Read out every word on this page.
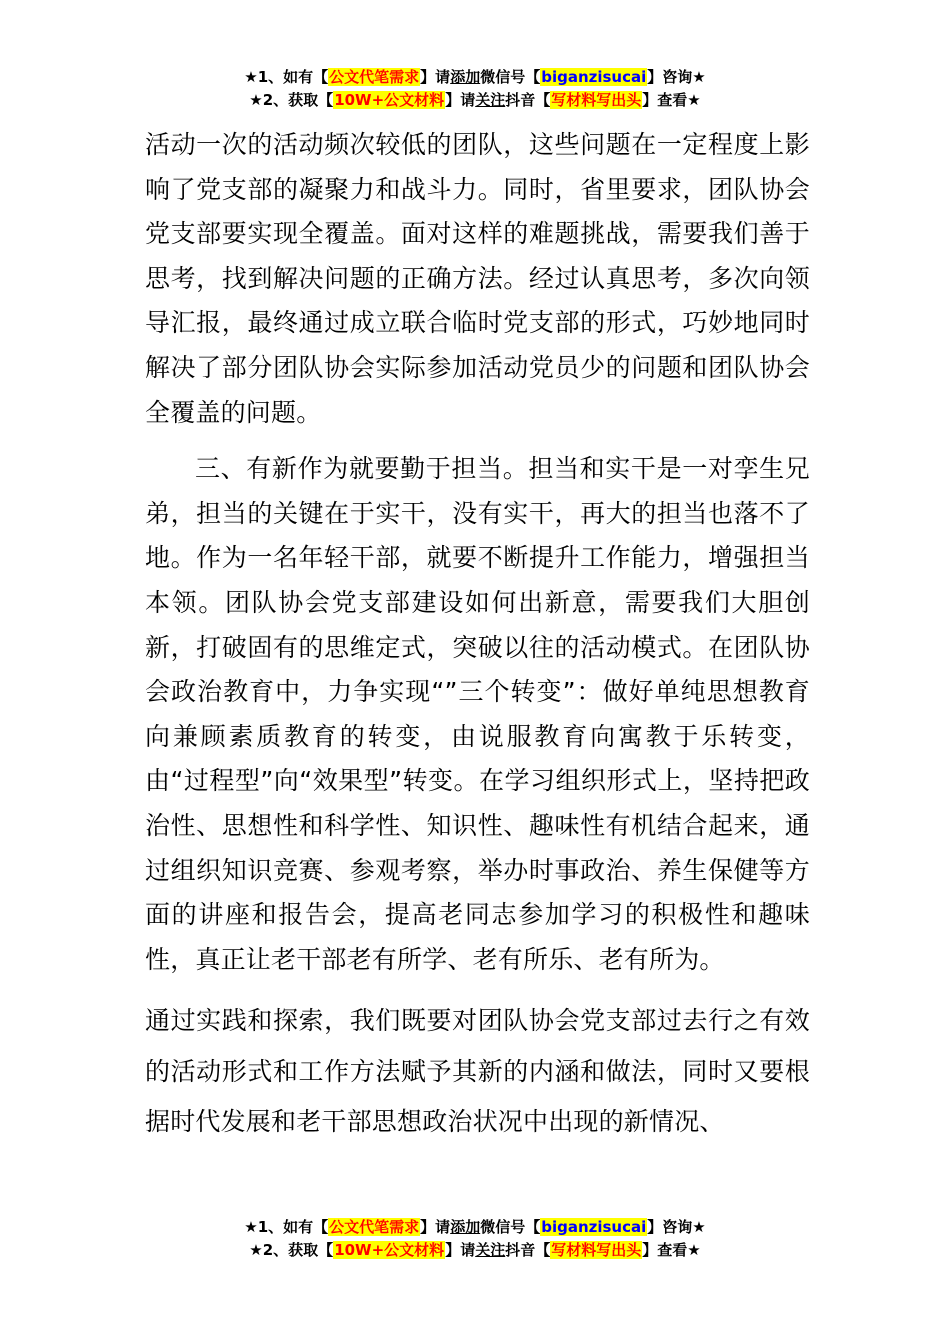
★1、如有【公文代笔需求】请添加微信号【biganzisucai】咨询★
★2、获取【10W+公文材料】请关注抖音【写材料写出头】查看★

活动一次的活动频次较低的团队，这些问题在一定程度上影响了党支部的凝聚力和战斗力。同时，省里要求，团队协会党支部要实现全覆盖。面对这样的难题挑战，需要我们善于思考，找到解决问题的正确方法。经过认真思考，多次向领导汇报，最终通过成立联合临时党支部的形式，巧妙地同时解决了部分团队协会实际参加活动党员少的问题和团队协会全覆盖的问题。

三、有新作为就要勤于担当。担当和实干是一对孪生兄弟，担当的关键在于实干，没有实干，再大的担当也落不了地。作为一名年轻干部，就要不断提升工作能力，增强担当本领。团队协会党支部建设如何出新意，需要我们大胆创新，打破固有的思维定式，突破以往的活动模式。在团队协会政治教育中，力争实现“”三个转变”：做好单纯思想教育向兼顾素质教育的转变，由说服教育向寓教于乐转变，由“过程型”向“效果型”转变。在学习组织形式上，坚持把政治性、思想性和科学性、知识性、趣味性有机结合起来，通过组织知识竞赛、参观考察，举办时事政治、养生保健等方面的讲座和报告会，提高老同志参加学习的积极性和趣味性，真正让老干部老有所学、老有所乐、老有所为。

通过实践和探索，我们既要对团队协会党支部过去行之有效的活动形式和工作方法赋予其新的内涵和做法，同时又要根据时代发展和老干部思想政治状况中出现的新情况、

★1、如有【公文代笔需求】请添加微信号【biganzisucai】咨询★
★2、获取【10W+公文材料】请关注抖音【写材料写出头】查看★
